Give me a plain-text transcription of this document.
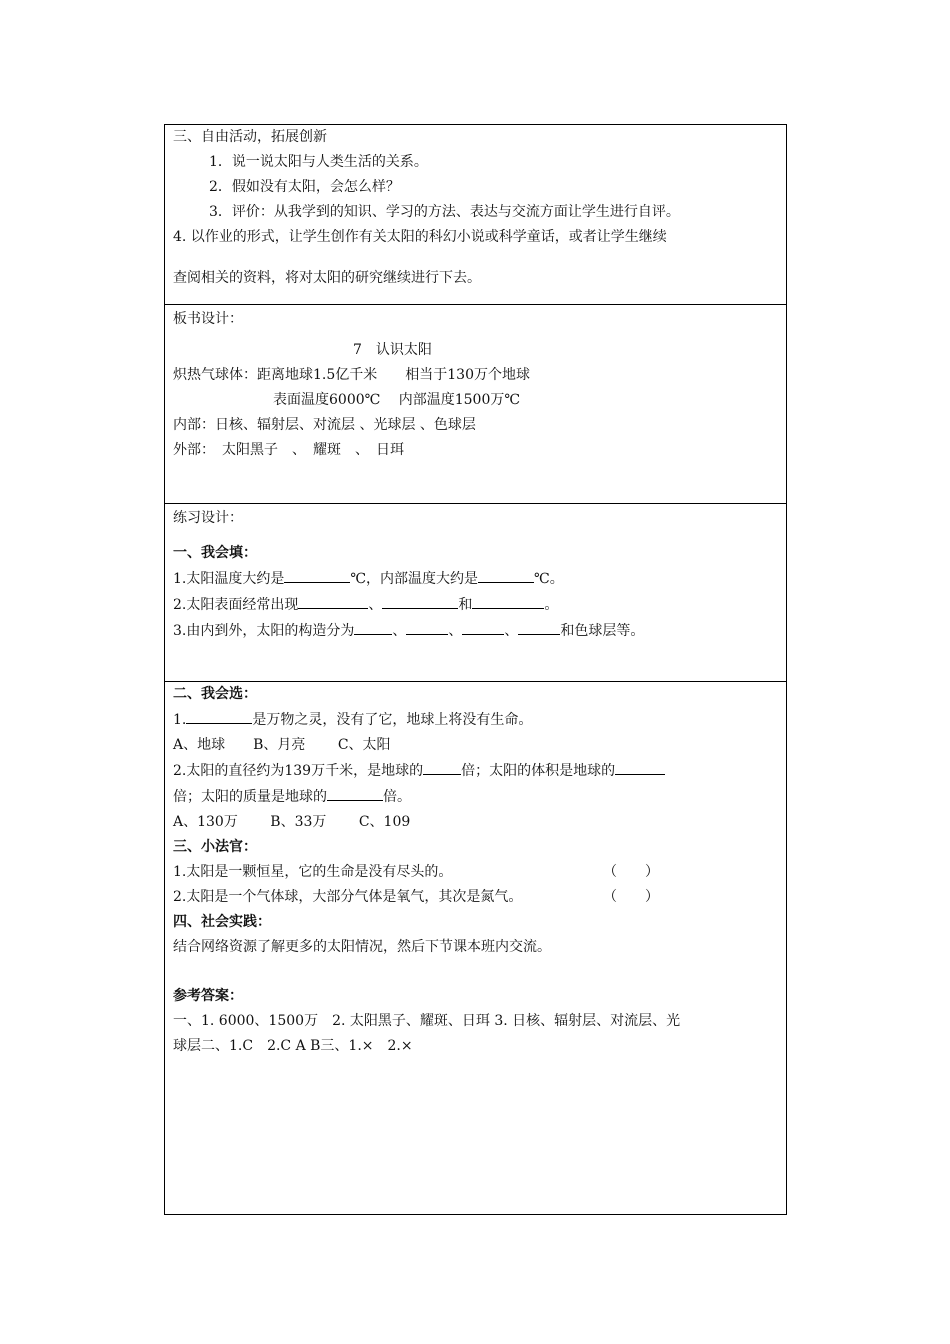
三、自由活动，拓展创新
1．说一说太阳与人类生活的关系。
2．假如没有太阳，会怎么样？
3．评价：从我学到的知识、学习的方法、表达与交流方面让学生进行自评。
4. 以作业的形式，让学生创作有关太阳的科幻小说或科学童话，或者让学生继续
查阅相关的资料，将对太阳的研究继续进行下去。
板书设计：
7　认识太阳
炽热气球体：距离地球1.5亿千米　　相当于130万个地球
表面温度6000℃　 内部温度1500万℃
内部：日核、辐射层、对流层 、光球层 、色球层
外部：　太阳黑子　、　耀斑　、　日珥
练习设计：
一、我会填：
1.太阳温度大约是	℃，内部温度大约是	℃。
2.太阳表面经常出现	、	和	。
3.由内到外，太阳的构造分为	、	、	、	和色球层等。
二、我会选：
1.	是万物之灵，没有了它，地球上将没有生命。
A、地球　　B、月亮　　 C、太阳
2.太阳的直径约为139万千米，是地球的	倍；太阳的体积是地球的
倍；太阳的质量是地球的	倍。
A、130万　　 B、33万　　 C、109
三、小法官：
1.太阳是一颗恒星，它的生命是没有尽头的。	（　　）
2.太阳是一个气体球，大部分气体是氧气，其次是氮气。	（　　）
四、社会实践：
结合网络资源了解更多的太阳情况，然后下节课本班内交流。
参考答案：
一、1. 6000、1500万　2. 太阳黑子、耀斑、日珥 3. 日核、辐射层、对流层、光
球层二、1.C　2.C A B三、1.×　2.×
